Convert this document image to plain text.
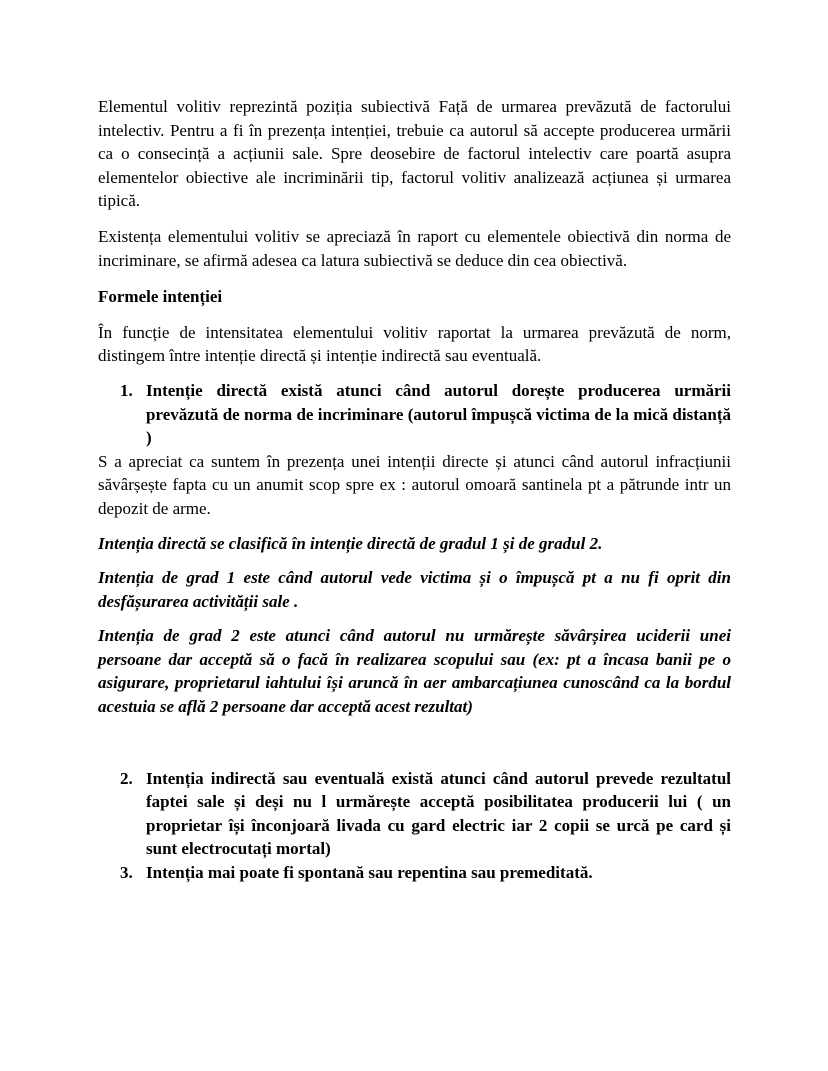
Elementul volitiv reprezintă poziția subiectivă Față de urmarea prevăzută de factorului intelectiv. Pentru a fi în prezența intenției, trebuie ca autorul să accepte producerea urmării ca o consecință a acțiunii sale. Spre deosebire de factorul intelectiv care poartă asupra elementelor obiective ale incriminării tip, factorul volitiv analizează acțiunea și urmarea tipică.

Existența elementului volitiv se apreciază în raport cu elementele obiectivă din norma de incriminare, se afirmă adesea ca latura subiectivă se deduce din cea obiectivă.

Formele intenției

În funcție de intensitatea elementului volitiv raportat la urmarea prevăzută de norm, distingem între intenție directă și intenție indirectă sau eventuală.

1. Intenție directă există atunci când autorul dorește producerea urmării prevăzută de norma de incriminare (autorul împușcă victima de la mică distanță )

S a apreciat ca suntem în prezența unei intenții directe și atunci când autorul infracțiunii săvârșește fapta cu un anumit scop spre ex : autorul omoară santinela pt a pătrunde intr un depozit de arme.

Intenția directă se clasifică în intenție directă de gradul 1 și de gradul 2.

Intenția de grad 1 este când autorul vede victima și o împușcă pt a nu fi oprit din desfășurarea activității sale .

Intenția de grad 2 este atunci când autorul nu urmărește săvârșirea uciderii unei persoane dar acceptă să o facă în realizarea scopului sau (ex: pt a încasa banii pe o asigurare, proprietarul iahtului își aruncă în aer ambarcațiunea cunoscând ca la bordul acestuia se află 2 persoane dar acceptă acest rezultat)

2. Intenția indirectă sau eventuală există atunci când autorul prevede rezultatul faptei sale și deși nu l urmărește acceptă posibilitatea producerii lui ( un proprietar își înconjoară livada cu gard electric iar 2 copii se urcă pe card și sunt electrocutați mortal)
3. Intenția mai poate fi spontană sau repentina sau premeditată.
